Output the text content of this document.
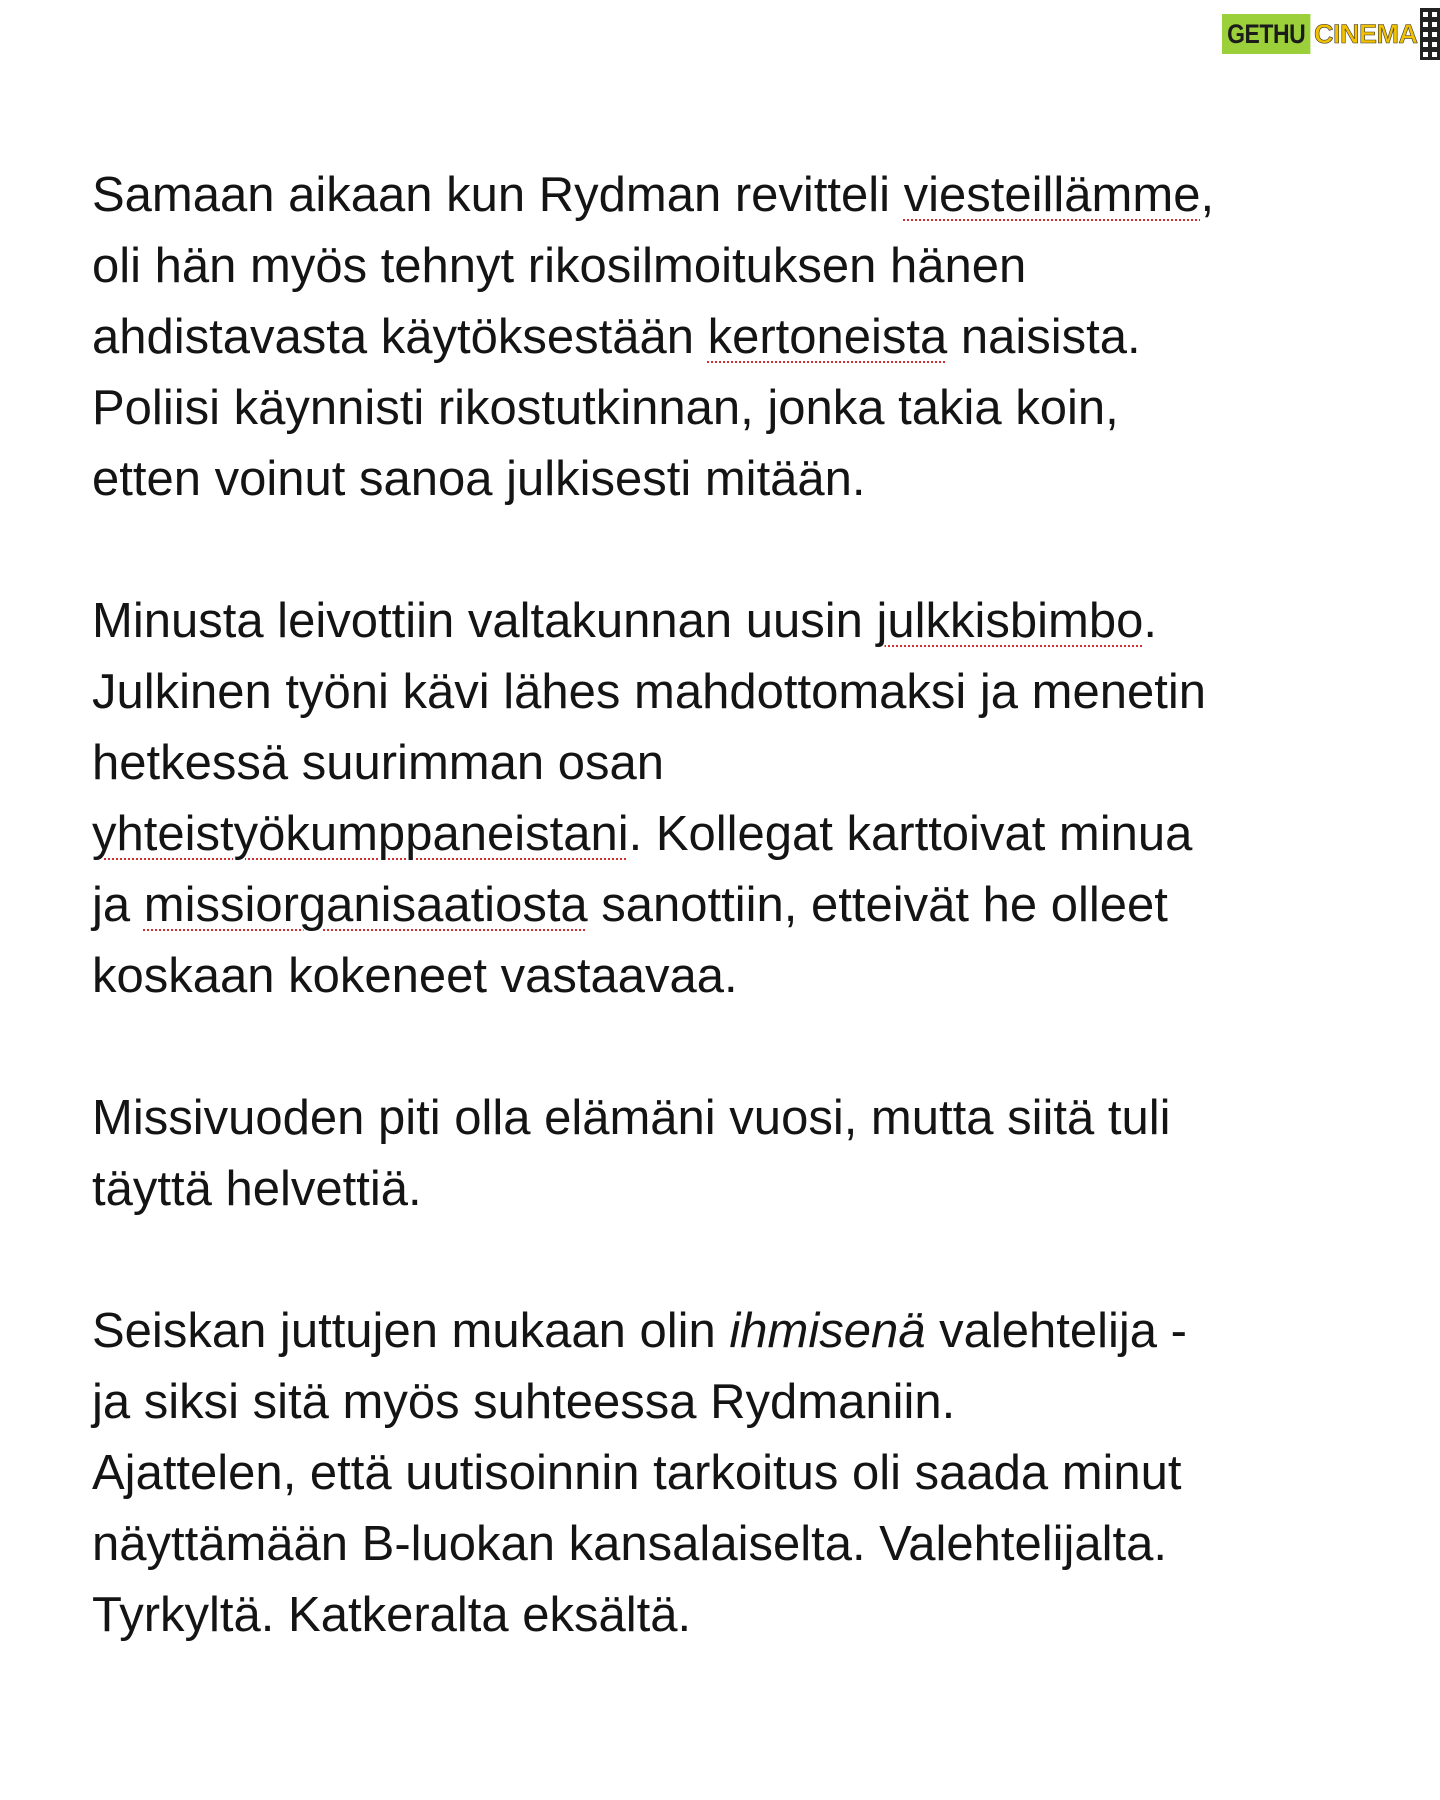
GETHU CINEMA

Samaan aikaan kun Rydman revitteli viesteillämme,
oli hän myös tehnyt rikosilmoituksen hänen
ahdistavasta käytöksestään kertoneista naisista.
Poliisi käynnisti rikostutkinnan, jonka takia koin,
etten voinut sanoa julkisesti mitään.

Minusta leivottiin valtakunnan uusin julkkisbimbo.
Julkinen työni kävi lähes mahdottomaksi ja menetin
hetkessä suurimman osan
yhteistyökumppaneistani. Kollegat karttoivat minua
ja missiorganisaatiosta sanottiin, etteivät he olleet
koskaan kokeneet vastaavaa.

Missivuoden piti olla elämäni vuosi, mutta siitä tuli
täyttä helvettiä.

Seiskan juttujen mukaan olin ihmisenä valehtelija -
ja siksi sitä myös suhteessa Rydmaniin.
Ajattelen, että uutisoinnin tarkoitus oli saada minut
näyttämään B-luokan kansalaiselta. Valehtelijalta.
Tyrkyltä. Katkeralta eksältä.
